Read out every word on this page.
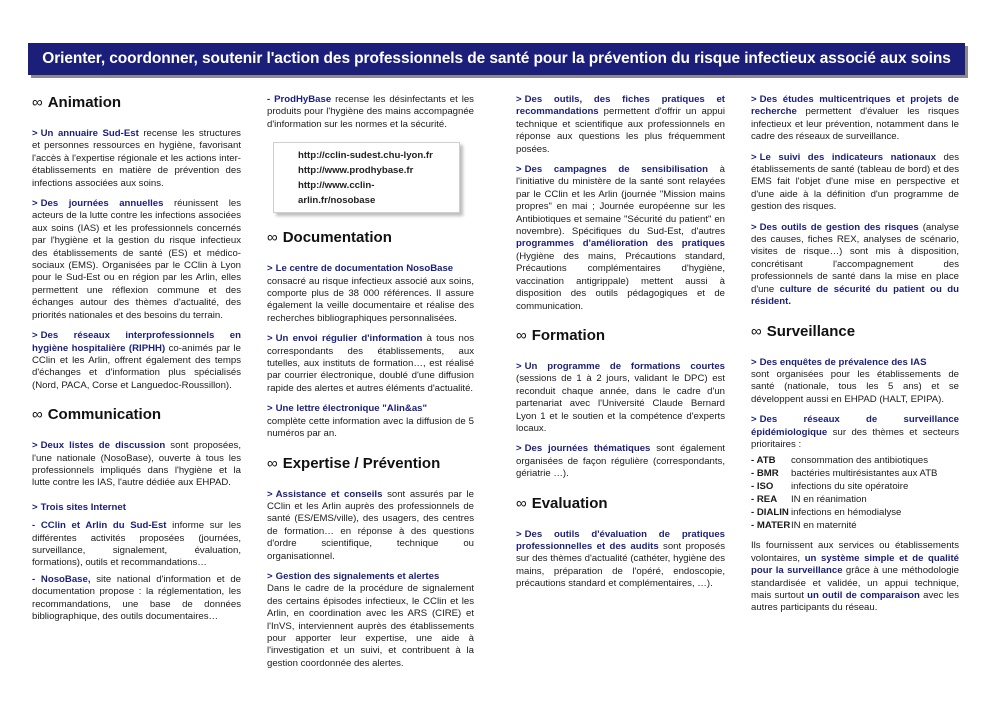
Orienter, coordonner, soutenir l'action des professionnels de santé pour la prévention du risque infectieux associé aux soins
∞ Animation

> Un annuaire Sud-Est recense les structures et personnes ressources en hygiène, favorisant l'accès à l'expertise régionale et les actions inter-établissements en matière de prévention des infections associées aux soins.

> Des journées annuelles réunissent les acteurs de la lutte contre les infections associées aux soins (IAS) et les professionnels concernés par l'hygiène et la gestion du risque infectieux des établissements de santé (ES) et médico-sociaux (EMS). Organisées par le CClin à Lyon pour le Sud-Est ou en région par les Arlin, elles permettent une réflexion commune et des échanges autour des thèmes d'actualité, des priorités nationales et des besoins du terrain.

> Des réseaux interprofessionnels en hygiène hospitalière (RIPHH) co-animés par le CClin et les Arlin, offrent également des temps d'échanges et d'information plus spécialisés (Nord, PACA, Corse et Languedoc-Roussillon).

∞ Communication

> Deux listes de discussion sont proposées, l'une nationale (NosoBase), ouverte à tous les professionnels impliqués dans l'hygiène et la lutte contre les IAS, l'autre dédiée aux EHPAD.

> Trois sites Internet

- CClin et Arlin du Sud-Est informe sur les différentes activités proposées (journées, surveillance, signalement, évaluation, formations), outils et recommandations…

- NosoBase, site national d'information et de documentation propose : la réglementation, les recommandations, une base de données bibliographique, des outils documentaires…

- ProdHyBase recense les désinfectants et les produits pour l'hygiène des mains accompagnée d'information sur les normes et la sécurité.

http://cclin-sudest.chu-lyon.fr
http://www.prodhybase.fr
http://www.cclin-arlin.fr/nosobase
∞ Documentation

> Le centre de documentation NosoBase
consacré au risque infectieux associé aux soins, comporte plus de 38 000 références. Il assure également la veille documentaire et réalise des recherches bibliographiques personnalisées.

> Un envoi régulier d'information à tous nos correspondants des établissements, aux tutelles, aux instituts de formation…, est réalisé par courrier électronique, doublé d'une diffusion rapide des alertes et autres éléments d'actualité.

> Une lettre électronique "Alin&as"
complète cette information avec la diffusion de 5 numéros par an.

∞ Expertise / Prévention

> Assistance et conseils sont assurés par le CClin et les Arlin auprès des professionnels de santé (ES/EMS/ville), des usagers, des centres de formation… en réponse à des questions d'ordre scientifique, technique ou organisationnel.

> Gestion des signalements et alertes
Dans le cadre de la procédure de signalement des certains épisodes infectieux, le CClin et les Arlin, en coordination avec les ARS (CIRE) et l'InVS, interviennent auprès des établissements pour apporter leur expertise, une aide à l'investigation et un suivi, et contribuent à la gestion coordonnée des alertes.

> Des outils, des fiches pratiques et recommandations permettent d'offrir un appui technique et scientifique aux professionnels en réponse aux questions les plus fréquemment posées.

> Des campagnes de sensibilisation à l'initiative du ministère de la santé sont relayées par le CClin et les Arlin (journée "Mission mains propres" en mai ; Journée européenne sur les Antibiotiques et semaine "Sécurité du patient" en novembre). Spécifiques du Sud-Est, d'autres programmes d'amélioration des pratiques (Hygiène des mains, Précautions standard, Précautions complémentaires d'hygiène, vaccination antigrippale) mettent aussi à disposition des outils pédagogiques et de communication.

∞ Formation

> Un programme de formations courtes (sessions de 1 à 2 jours, validant le DPC) est reconduit chaque année, dans le cadre d'un partenariat avec l'Université Claude Bernard Lyon 1 et le soutien et la compétence d'experts locaux.

> Des journées thématiques sont également organisées de façon régulière (correspondants, gériatrie …).

∞ Evaluation

> Des outils d'évaluation de pratiques professionnelles et des audits sont proposés sur des thèmes d'actualité (cathéter, hygiène des mains, préparation de l'opéré, endoscopie, précautions standard et complémentaires, …).

> Des études multicentriques et projets de recherche permettent d'évaluer les risques infectieux et leur prévention, notamment dans le cadre des réseaux de surveillance.

> Le suivi des indicateurs nationaux des établissements de santé (tableau de bord) et des EMS fait l'objet d'une mise en perspective et d'une aide à la définition d'un programme de gestion des risques.

> Des outils de gestion des risques (analyse des causes, fiches REX, analyses de scénario, visites de risque…) sont mis à disposition, concrétisant l'accompagnement des professionnels de santé dans la mise en place d'une culture de sécurité du patient ou du résident.

∞ Surveillance

> Des enquêtes de prévalence des IAS
sont organisées pour les établissements de santé (nationale, tous les 5 ans) et se développent aussi en EHPAD (HALT, EPIPA).

> Des réseaux de surveillance épidémiologique sur des thèmes et secteurs prioritaires :

- ATB	consommation des antibiotiques
- BMR	bactéries multirésistantes aux ATB
- ISO	infections du site opératoire
- REA	IN en réanimation
- DIALIN	infections en hémodialyse
- MATER	IN en maternité

Ils fournissent aux services ou établissements volontaires, un système simple et de qualité pour la surveillance grâce à une méthodologie standardisée et validée, un appui technique, mais surtout un outil de comparaison avec les autres participants du réseau.
